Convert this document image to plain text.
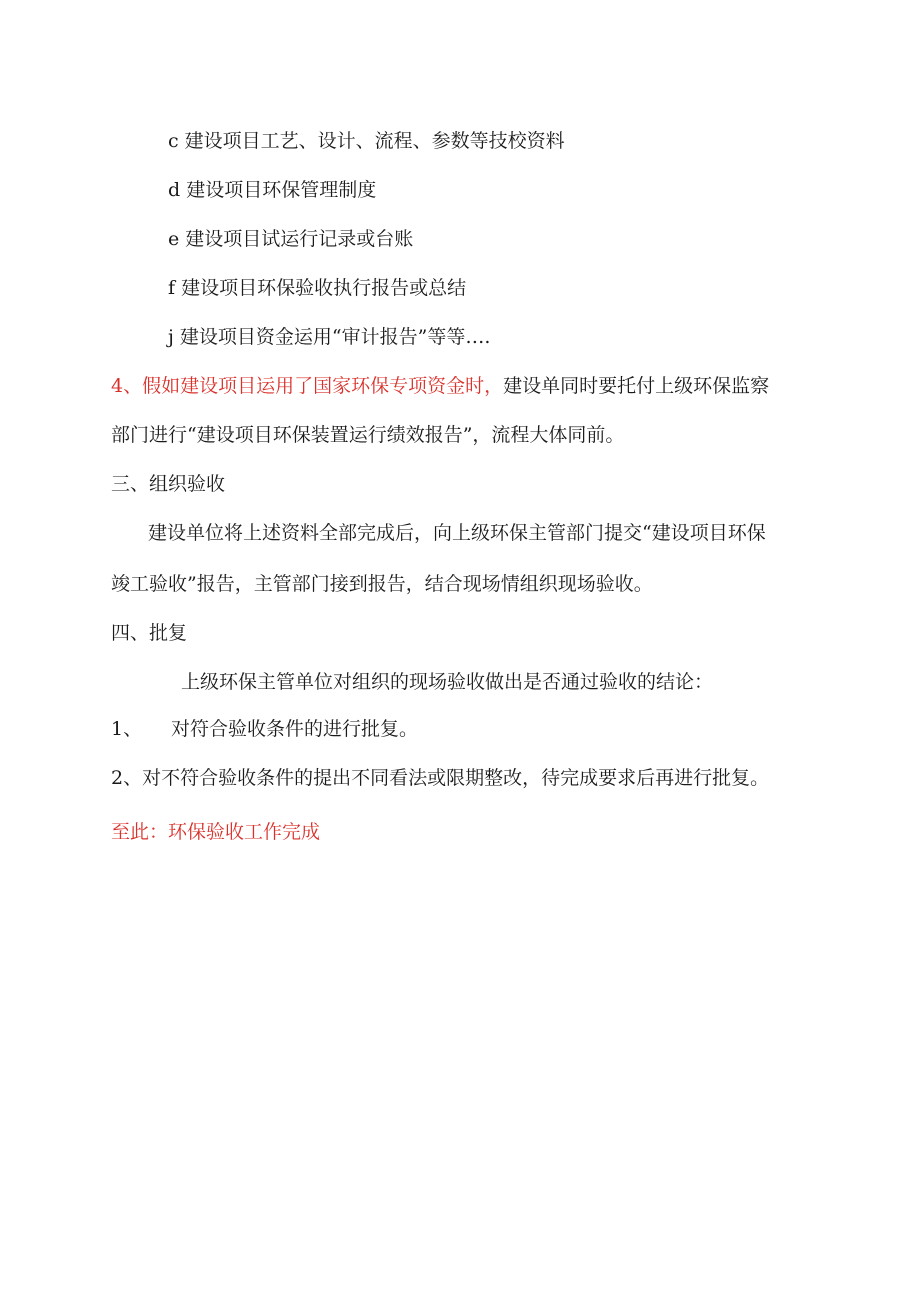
c 建设项目工艺、设计、流程、参数等技校资料
d 建设项目环保管理制度
e 建设项目试运行记录或台账
f 建设项目环保验收执行报告或总结
j 建设项目资金运用“审计报告”等等….
4、假如建设项目运用了国家环保专项资金时，建设单同时要托付上级环保监察
部门进行“建设项目环保装置运行绩效报告”，流程大体同前。
三、组织验收
建设单位将上述资料全部完成后，向上级环保主管部门提交“建设项目环保
竣工验收”报告，主管部门接到报告，结合现场情组织现场验收。
四、批复
上级环保主管单位对组织的现场验收做出是否通过验收的结论：
1、 对符合验收条件的进行批复。
2、对不符合验收条件的提出不同看法或限期整改，待完成要求后再进行批复。
至此：环保验收工作完成
